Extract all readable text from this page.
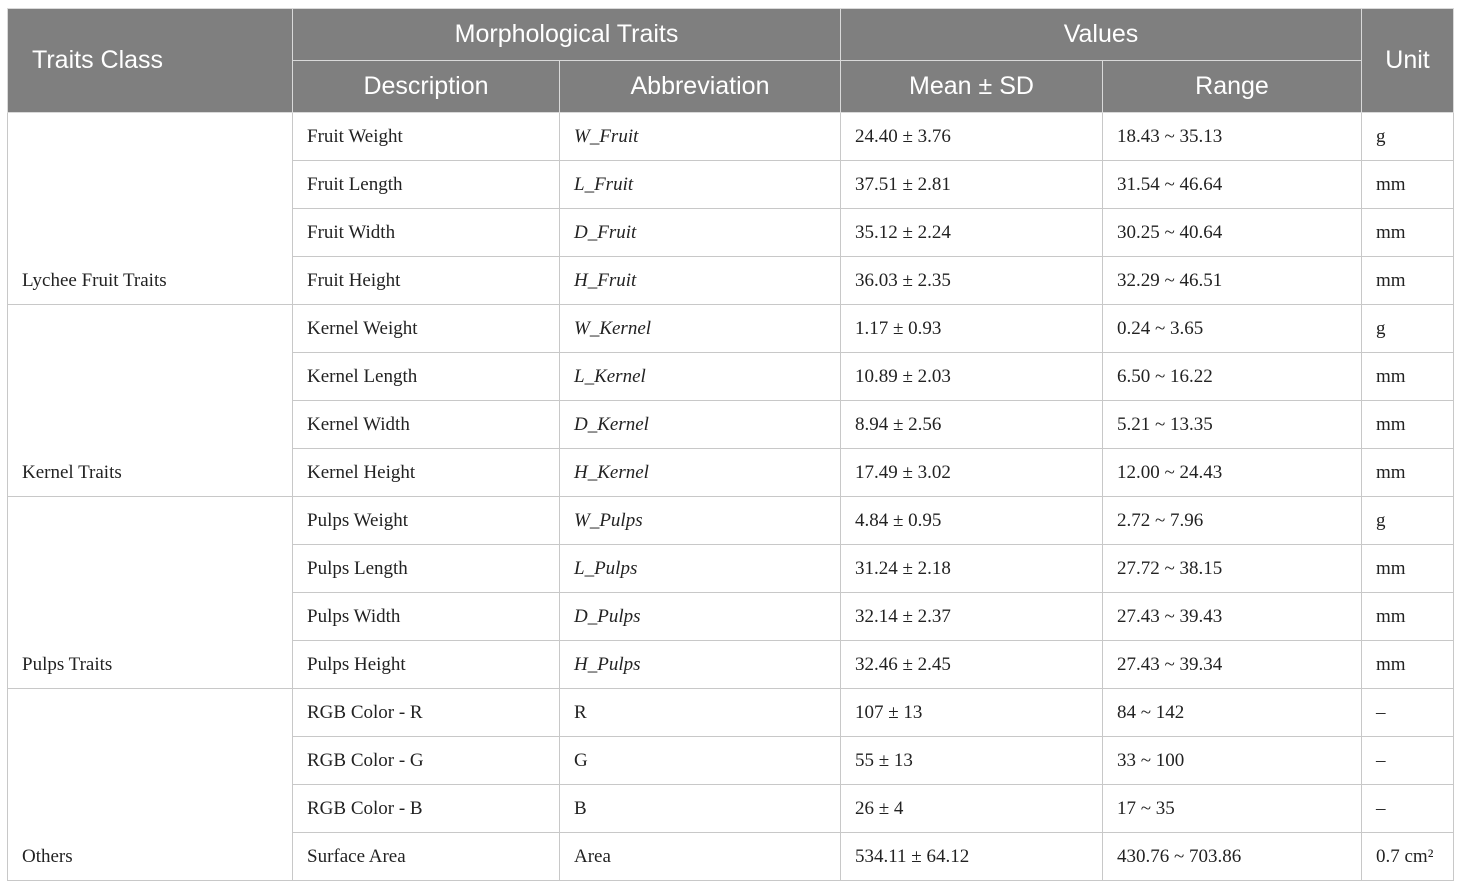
Traits Class	Morphological Traits		Values		Unit
	Description	Abbreviation	Mean ± SD	Range	
Lychee Fruit Traits	Fruit Weight	W_Fruit	24.40 ± 3.76	18.43 ~ 35.13	g
	Fruit Length	L_Fruit	37.51 ± 2.81	31.54 ~ 46.64	mm
	Fruit Width	D_Fruit	35.12 ± 2.24	30.25 ~ 40.64	mm
	Fruit Height	H_Fruit	36.03 ± 2.35	32.29 ~ 46.51	mm
Kernel Traits	Kernel Weight	W_Kernel	1.17 ± 0.93	0.24 ~ 3.65	g
	Kernel Length	L_Kernel	10.89 ± 2.03	6.50 ~ 16.22	mm
	Kernel Width	D_Kernel	8.94 ± 2.56	5.21 ~ 13.35	mm
	Kernel Height	H_Kernel	17.49 ± 3.02	12.00 ~ 24.43	mm
Pulps Traits	Pulps Weight	W_Pulps	4.84 ± 0.95	2.72 ~ 7.96	g
	Pulps Length	L_Pulps	31.24 ± 2.18	27.72 ~ 38.15	mm
	Pulps Width	D_Pulps	32.14 ± 2.37	27.43 ~ 39.43	mm
	Pulps Height	H_Pulps	32.46 ± 2.45	27.43 ~ 39.34	mm
Others	RGB Color - R	R	107 ± 13	84 ~ 142	–
	RGB Color - G	G	55 ± 13	33 ~ 100	–
	RGB Color - B	B	26 ± 4	17 ~ 35	–
	Surface Area	Area	534.11 ± 64.12	430.76 ~ 703.86	0.7 cm²
